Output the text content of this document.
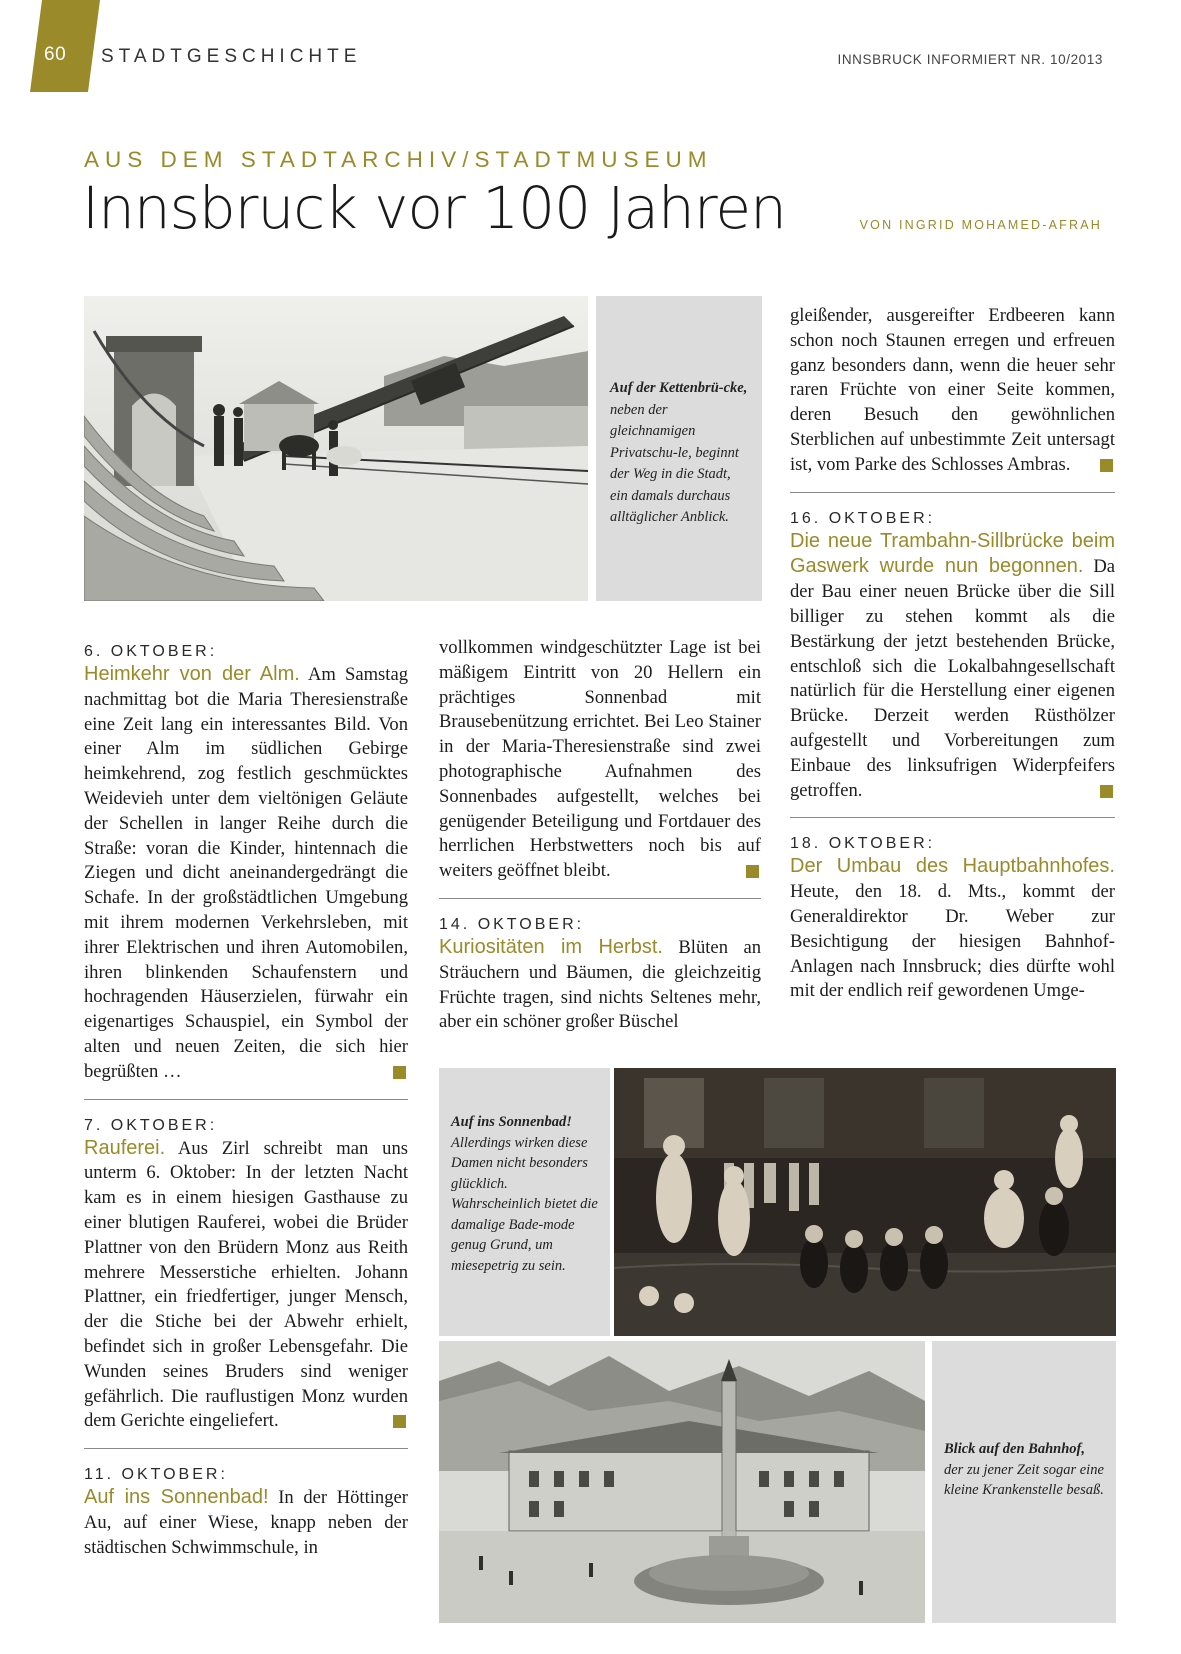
60 STADTGESCHICHTE	INNSBRUCK INFORMIERT NR. 10/2013
AUS DEM STADTARCHIV/STADTMUSEUM
Innsbruck vor 100 Jahren	VON INGRID MOHAMED-AFRAH
Auf der Kettenbrü-cke, neben der gleichnamigen Privatschu-le, beginnt der Weg in die Stadt, ein damals durchaus alltäglicher Anblick.
6. OKTOBER:

Heimkehr von der Alm. Am Samstag nachmittag bot die Maria Theresienstraße eine Zeit lang ein interessantes Bild. Von einer Alm im südlichen Gebirge heimkehrend, zog festlich geschmücktes Weidevieh unter dem vieltönigen Geläute der Schellen in langer Reihe durch die Straße: voran die Kinder, hintennach die Ziegen und dicht aneinandergedrängt die Schafe. In der großstädtlichen Umgebung mit ihrem modernen Verkehrsleben, mit ihrer Elektrischen und ihren Automobilen, ihren blinkenden Schaufenstern und hochragenden Häuserzielen, fürwahr ein eigenartiges Schauspiel, ein Symbol der alten und neuen Zeiten, die sich hier begrüßten …

7. OKTOBER:

Rauferei. Aus Zirl schreibt man uns unterm 6. Oktober: In der letzten Nacht kam es in einem hiesigen Gasthause zu einer blutigen Rauferei, wobei die Brüder Plattner von den Brüdern Monz aus Reith mehrere Messerstiche erhielten. Johann Plattner, ein friedfertiger, junger Mensch, der die Stiche bei der Abwehr erhielt, befindet sich in großer Lebensgefahr. Die Wunden seines Bruders sind weniger gefährlich. Die rauflustigen Monz wurden dem Gerichte eingeliefert.

11. OKTOBER:

Auf ins Sonnenbad! In der Höttinger Au, auf einer Wiese, knapp neben der städtischen Schwimmschule, in

vollkommen windgeschützter Lage ist bei mäßigem Eintritt von 20 Hellern ein prächtiges Sonnenbad mit Brausebenützung errichtet. Bei Leo Stainer in der Maria-Theresienstraße sind zwei photographische Aufnahmen des Sonnenbades aufgestellt, welches bei genügender Beteiligung und Fortdauer des herrlichen Herbstwetters noch bis auf weiters geöffnet bleibt.

14. OKTOBER:

Kuriositäten im Herbst. Blüten an Sträuchern und Bäumen, die gleichzeitig Früchte tragen, sind nichts Seltenes mehr, aber ein schöner großer Büschel

gleißender, ausgereifter Erdbeeren kann schon noch Staunen erregen und erfreuen ganz besonders dann, wenn die heuer sehr raren Früchte von einer Seite kommen, deren Besuch den gewöhnlichen Sterblichen auf unbestimmte Zeit untersagt ist, vom Parke des Schlosses Ambras.

16. OKTOBER:

Die neue Trambahn-Sillbrücke beim Gaswerk wurde nun begonnen. Da der Bau einer neuen Brücke über die Sill billiger zu stehen kommt als die Bestärkung der jetzt bestehenden Brücke, entschloß sich die Lokalbahngesellschaft natürlich für die Herstellung einer eigenen Brücke. Derzeit werden Rüsthölzer aufgestellt und Vorbereitungen zum Einbaue des linksufrigen Widerpfeifers getroffen.

18. OKTOBER:

Der Umbau des Hauptbahnhofes. Heute, den 18. d. Mts., kommt der Generaldirektor Dr. Weber zur Besichtigung der hiesigen Bahnhof-Anlagen nach Innsbruck; dies dürfte wohl mit der endlich reif gewordenen Umge-

Auf ins Sonnenbad! Allerdings wirken diese Damen nicht besonders glücklich. Wahrscheinlich bietet die damalige Bade-mode genug Grund, um miesepetrig zu sein.
Blick auf den Bahnhof, der zu jener Zeit sogar eine kleine Krankenstelle besaß.
